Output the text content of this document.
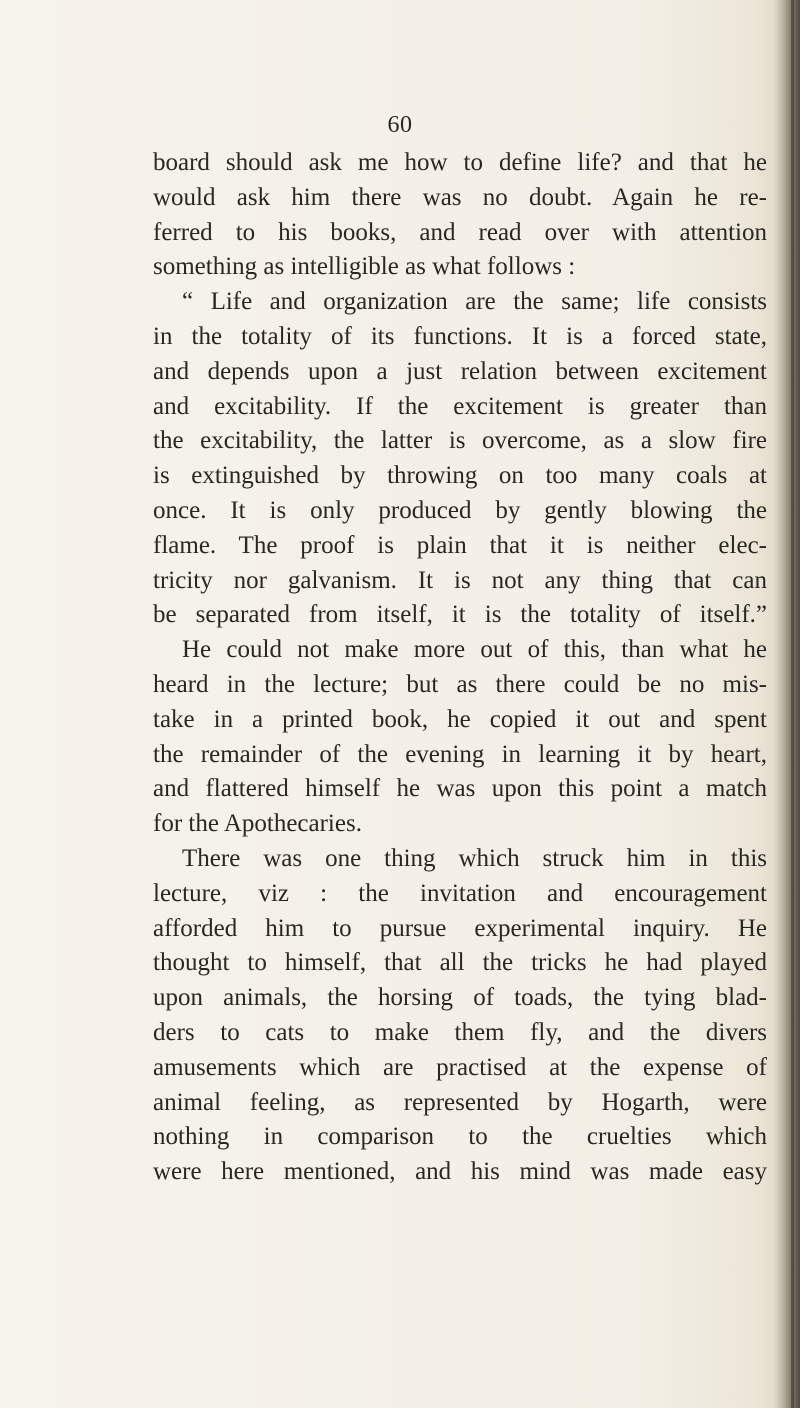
60
board should ask me how to define life? and that he
would ask him there was no doubt. Again he re-
ferred to his books, and read over with attention
something as intelligible as what follows :
“ Life and organization are the same; life consists
in the totality of its functions. It is a forced state,
and depends upon a just relation between excitement
and excitability. If the excitement is greater than
the excitability, the latter is overcome, as a slow fire
is extinguished by throwing on too many coals at
once. It is only produced by gently blowing the
flame. The proof is plain that it is neither elec-
tricity nor galvanism. It is not any thing that can
be separated from itself, it is the totality of itself.”
He could not make more out of this, than what he
heard in the lecture; but as there could be no mis-
take in a printed book, he copied it out and spent
the remainder of the evening in learning it by heart,
and flattered himself he was upon this point a match
for the Apothecaries.
There was one thing which struck him in this
lecture, viz : the invitation and encouragement
afforded him to pursue experimental inquiry. He
thought to himself, that all the tricks he had played
upon animals, the horsing of toads, the tying blad-
ders to cats to make them fly, and the divers
amusements which are practised at the expense of
animal feeling, as represented by Hogarth, were
nothing in comparison to the cruelties which
were here mentioned, and his mind was made easy
